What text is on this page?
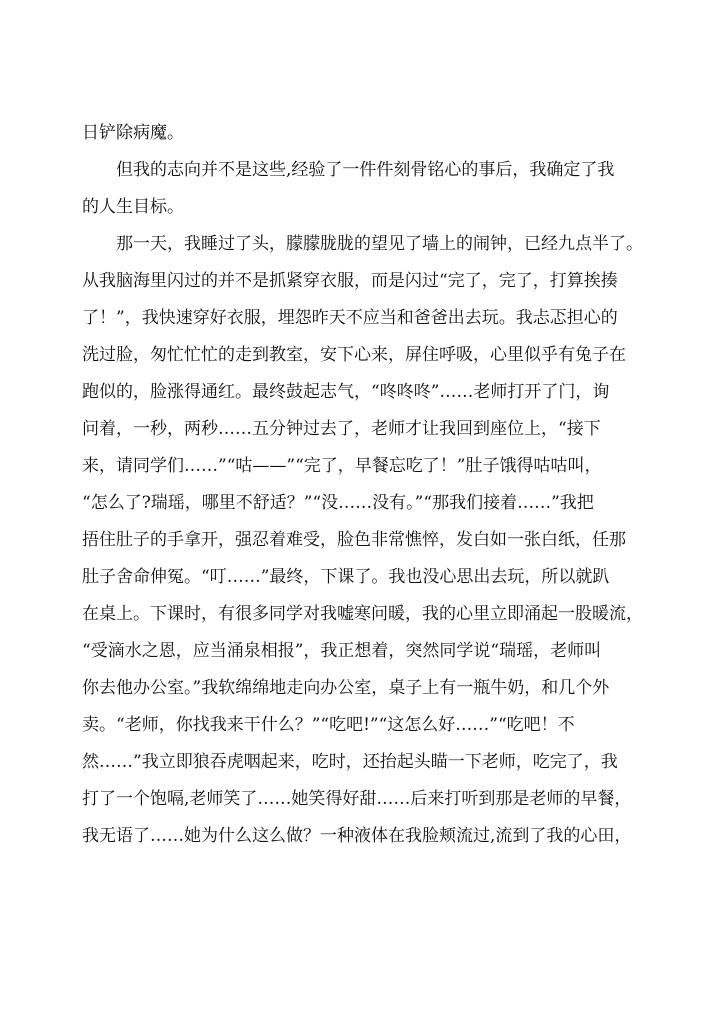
日铲除病魔。
但我的志向并不是这些,经验了一件件刻骨铭心的事后，我确定了我
的人生目标。
那一天，我睡过了头，朦朦胧胧的望见了墙上的闹钟，已经九点半了。
从我脑海里闪过的并不是抓紧穿衣服，而是闪过“完了，完了，打算挨揍
了！”，我快速穿好衣服，埋怨昨天不应当和爸爸出去玩。我忐忑担心的
洗过脸，匆忙忙忙的走到教室，安下心来，屏住呼吸，心里似乎有兔子在
跑似的，脸涨得通红。最终鼓起志气，“咚咚咚”……老师打开了门，询
问着，一秒，两秒……五分钟过去了，老师才让我回到座位上，“接下
来，请同学们……”“咕——”“完了，早餐忘吃了！”肚子饿得咕咕叫，
“怎么了?瑞瑶，哪里不舒适？”“没……没有。”“那我们接着……”我把
捂住肚子的手拿开，强忍着难受，脸色非常憔悴，发白如一张白纸，任那
肚子舍命伸冤。“叮……”最终，下课了。我也没心思出去玩，所以就趴
在桌上。下课时，有很多同学对我嘘寒问暖，我的心里立即涌起一股暖流，
“受滴水之恩，应当涌泉相报”，我正想着，突然同学说“瑞瑶，老师叫
你去他办公室。”我软绵绵地走向办公室，桌子上有一瓶牛奶，和几个外
卖。“老师，你找我来干什么？”“吃吧!”“这怎么好……”“吃吧！不
然……”我立即狼吞虎咽起来，吃时，还抬起头瞄一下老师，吃完了，我
打了一个饱嗝,老师笑了……她笑得好甜……后来打听到那是老师的早餐，
我无语了……她为什么这么做？一种液体在我脸颊流过,流到了我的心田，
